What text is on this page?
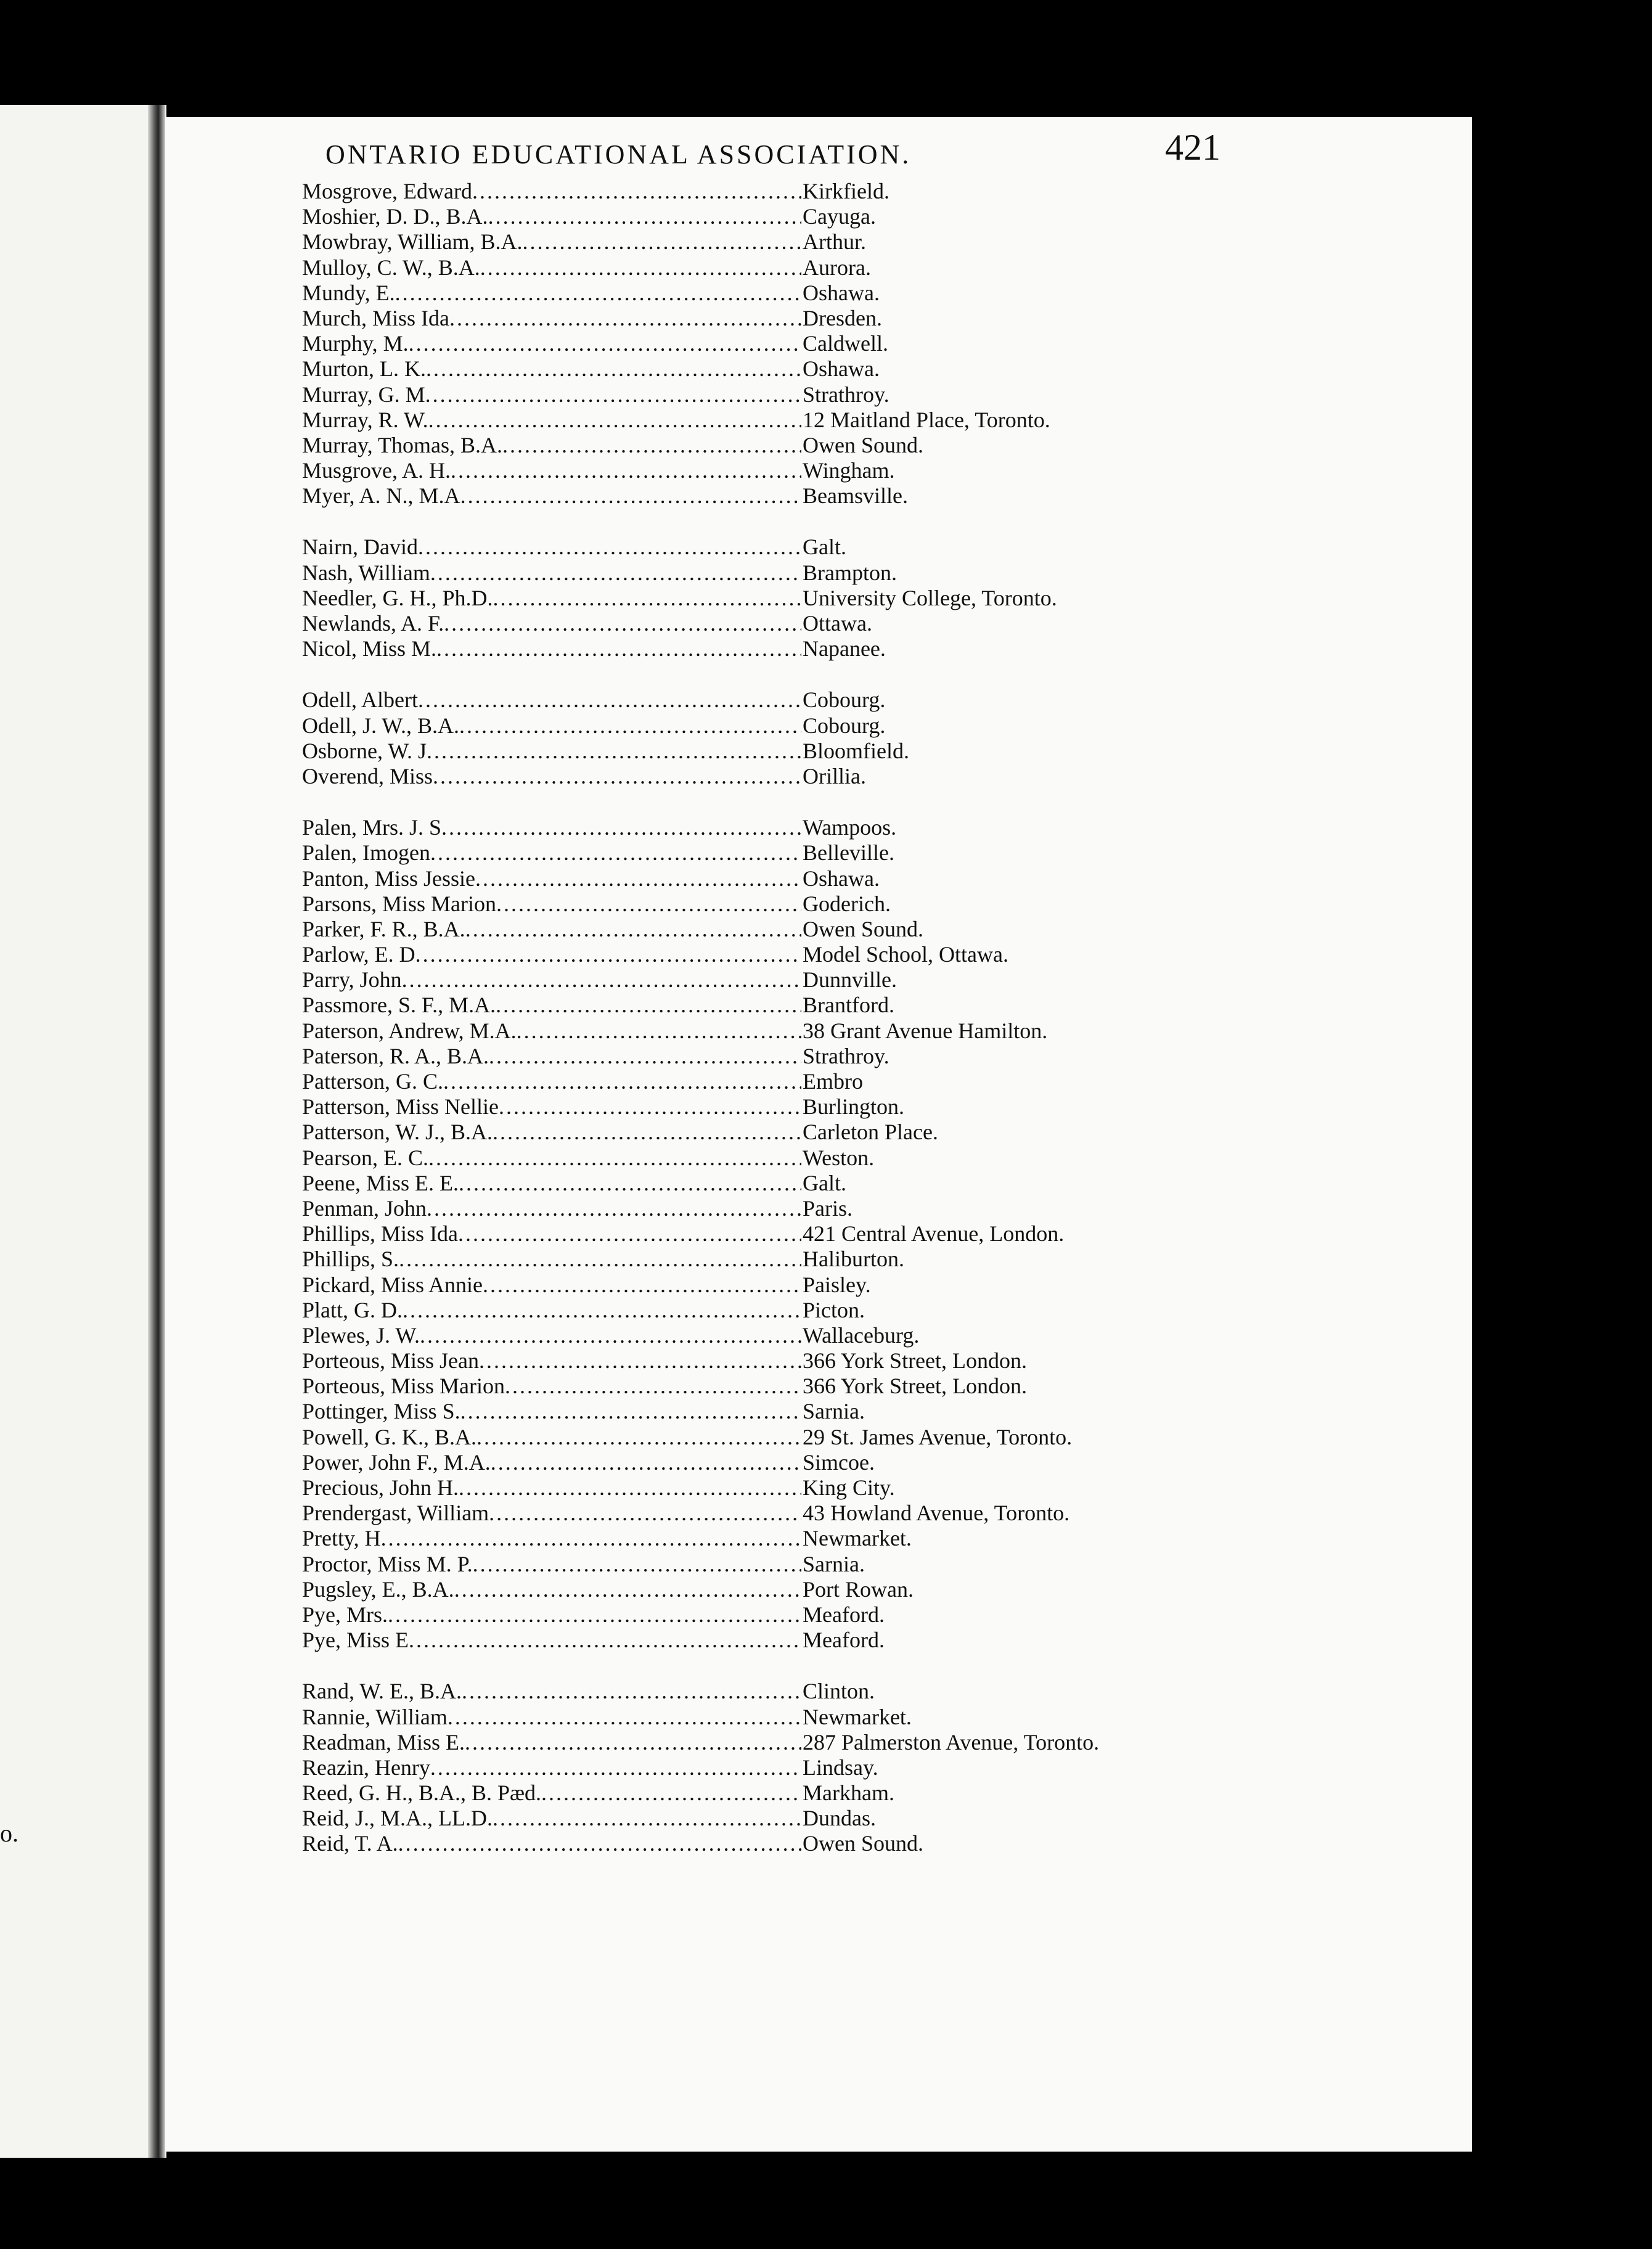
o.
ONTARIO EDUCATIONAL ASSOCIATION.	421
Mosgrove, Edward .....	Kirkfield.
Moshier, D. D., B.A. .....	Cayuga.
Mowbray, William, B.A. .....	Arthur.
Mulloy, C. W., B.A. .....	Aurora.
Mundy, E. .....	Oshawa.
Murch, Miss Ida .....	Dresden.
Murphy, M. .....	Caldwell.
Murton, L. K. .....	Oshawa.
Murray, G. M .....	Strathroy.
Murray, R. W. .....	12 Maitland Place, Toronto.
Murray, Thomas, B.A. .....	Owen Sound.
Musgrove, A. H. .....	Wingham.
Myer, A. N., M.A .....	Beamsville.
Nairn, David .....	Galt.
Nash, William .....	Brampton.
Needler, G. H., Ph.D. .....	University College, Toronto.
Newlands, A. F. .....	Ottawa.
Nicol, Miss M. .....	Napanee.
Odell, Albert .....	Cobourg.
Odell, J. W., B.A. .....	Cobourg.
Osborne, W. J .....	Bloomfield.
Overend, Miss .....	Orillia.
Palen, Mrs. J. S .....	Wampoos.
Palen, Imogen .....	Belleville.
Panton, Miss Jessie .....	Oshawa.
Parsons, Miss Marion .....	Goderich.
Parker, F. R., B.A. .....	Owen Sound.
Parlow, E. D .....	Model School, Ottawa.
Parry, John .....	Dunnville.
Passmore, S. F., M.A. .....	Brantford.
Paterson, Andrew, M.A. .....	38 Grant Avenue Hamilton.
Paterson, R. A., B.A. .....	Strathroy.
Patterson, G. C. .....	Embro
Patterson, Miss Nellie .....	Burlington.
Patterson, W. J., B.A. .....	Carleton Place.
Pearson, E. C. .....	Weston.
Peene, Miss E. E. .....	Galt.
Penman, John .....	Paris.
Phillips, Miss Ida .....	421 Central Avenue, London.
Phillips, S. .....	Haliburton.
Pickard, Miss Annie .....	Paisley.
Platt, G. D. .....	Picton.
Plewes, J. W. .....	Wallaceburg.
Porteous, Miss Jean .....	366 York Street, London.
Porteous, Miss Marion .....	366 York Street, London.
Pottinger, Miss S. .....	Sarnia.
Powell, G. K., B.A. .....	29 St. James Avenue, Toronto.
Power, John F., M.A. .....	Simcoe.
Precious, John H. .....	King City.
Prendergast, William .....	43 Howland Avenue, Toronto.
Pretty, H .....	Newmarket.
Proctor, Miss M. P. .....	Sarnia.
Pugsley, E., B.A. .....	Port Rowan.
Pye, Mrs. .....	Meaford.
Pye, Miss E .....	Meaford.
Rand, W. E., B.A. .....	Clinton.
Rannie, William .....	Newmarket.
Readman, Miss E. .....	287 Palmerston Avenue, Toronto.
Reazin, Henry .....	Lindsay.
Reed, G. H., B.A., B. Pæd. .....	Markham.
Reid, J., M.A., LL.D. .....	Dundas.
Reid, T. A. .....	Owen Sound.
